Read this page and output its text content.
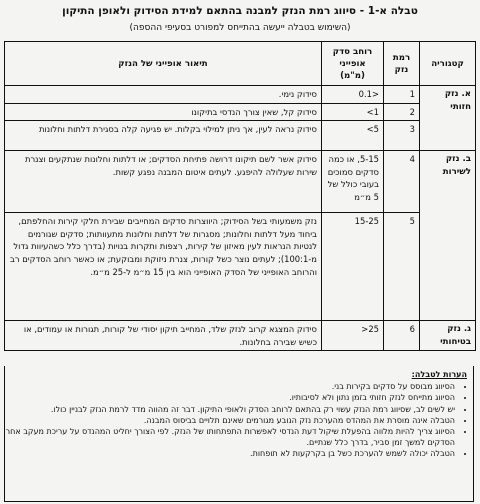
טבלה א-1 - סיווג רמת הנזק למבנה בהתאם למידת הסידוק ולאופן התיקון
(השימוש בטבלה ייעשה בהתייחס למפורט בסעיפי ההספה)
קטגוריה	רמת נזק	רוחב סדק אופייני (מ"מ)	תיאור אופייני של הנזק
א. נזק חזותי	1	<0.1	סידוק נימי.
	2	1>	סידוק קל, שאין צורך הנדסי בתיקונו
	3	5>	סידוק נראה לעין, אך ניתן למילוי בקלות. יש פגיעה קלה בסגירת דלתות וחלונות
ב. נזק לשירות	4	5-15, או כמה סדקים סמוכים בעובי כולל של 5 מ״מ	סידוק אשר לשם תיקונו דרושה פתיחת הסדקים; או דלתות וחלונות שנתקעים וצנרת שירות שעלולה להיפגע. לעתים איטום המבנה נפגע קשות.
	5	15-25	נזק משמעותי בשל הסידוק; היווצרות סדקים המחייבים שבירת חלקי קירות והחלפתם, ביחוד מעל דלתות וחלונות; מסגרות של דלתות וחלונות מתעוותות; סדקים שגורמים לנטיות הנראות לעין מאיזון של קירות, רצפות ותקרות בנויות (בדרך כלל כשהעיוות גדול מ-100:1); לעתים נוצר כשל קורות, צנרת ניזוקת ומבוקעת; או כאשר רוחב הסדקים רב והרוחב האופייני של הסדק האופייני הוא בין 15 מ״מ ל-25 מ״מ.
ג. נזק בטיחותי	6	25<	סידוק המצגא קרוב לנזק שלד, המחייב תיקון יסודי של קורות, תגורות או עמודים, או כשיש שבירה בחלונות.
הערות לטבלה:
• הסיווג מבוסס על סדקים בקירות בני.
• הסיווג מתייחס לנזק חזותי בזמן נתון ולא לסיבותיו.
• יש לשים לב, שסיווג רמת הנזק עשוי רק בהתאם לרוחב הסדק ולאופי התיקון. דבר זה מהווה מדד לרמת הנזק לבניין כולו.
• הטבלה אינה מוסרת את המהדס מהערכת נזק הנובע מגורמים שאינם תלויים בביסוס המבנה.
• הסיווג צריך להיות מלווה בהפעלת שיקול דעת הנדסי לאפשרות התפתחותו של הנזק. לפי הצורך יחליט המהנדס על עריכת מעקב אחר הסדקים למשך זמן סביר, בדרך כלל שנתיים.
• הטבלה יכולה לשמש להערכת כשל בן בקרקעות לא תופחות.
